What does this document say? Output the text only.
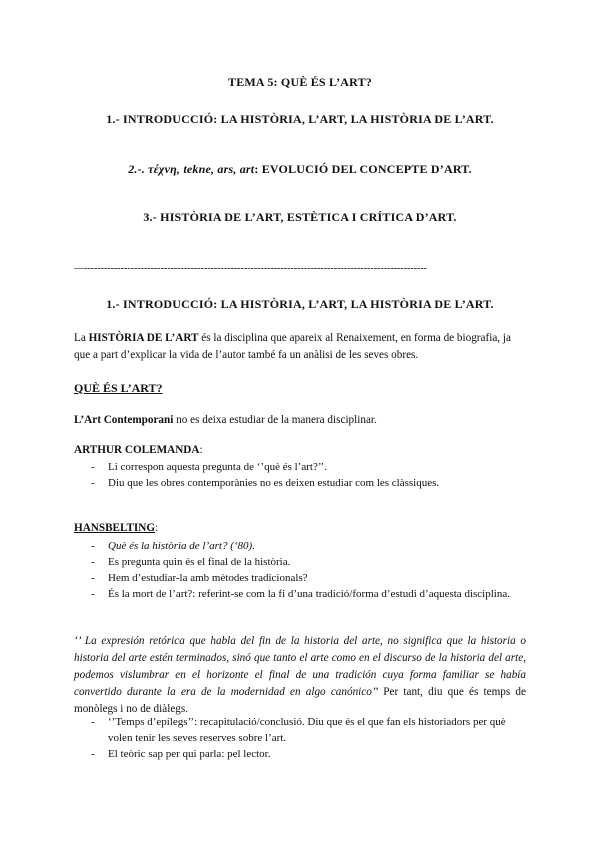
TEMA 5: QUÈ ÉS L’ART?
1.- INTRODUCCIÓ: LA HISTÒRIA, L’ART, LA HISTÒRIA DE L’ART.
2.-. τέχνη, tekne, ars, art: EVOLUCIÓ DEL CONCEPTE D’ART.
3.- HISTÒRIA DE L’ART, ESTÈTICA I CRÍTICA D’ART.
—-------------------------------------------------------------------------------------------------------
1.- INTRODUCCIÓ: LA HISTÒRIA, L’ART, LA HISTÒRIA DE L’ART.
La HISTÒRIA DE L’ART és la disciplina que apareix al Renaixement, en forma de biografia, ja que a part d’explicar la vida de l’autor també fa un anàlisi de les seves obres.
QUÈ ÉS L’ART?
L’Art Contemporani no es deixa estudiar de la manera disciplinar.
ARTHUR COLEMANDA:
- Li correspon aquesta pregunta de ‘’què és l’art?’’.
- Diu que les obres contemporànies no es deixen estudiar com les clàssiques.
HANSBELTING:
- Què és la història de l’art? (‘80).
- Es pregunta quin és el final de la història.
- Hem d’estudiar-la amb mètodes tradicionals?
- És la mort de l’art?: referint-se com la fi d’una tradició/forma d’estudi d’aquesta disciplina.
‘’ La expresión retórica que habla del fin de la historia del arte, no significa que la historia o historia del arte estén terminados, sinó que tanto el arte como en el discurso de la historia del arte, podemos vislumbrar en el horizonte el final de una tradición cuya forma familiar se había convertido durante la era de la modernidad en algo canónico’’ Per tant, diu que és temps de monòlegs i no de diàlegs.
- ‘’Temps d’epílegs’’: recapitulació/conclusió. Diu que és el que fan els historiadors per què volen tenir les seves reserves sobre l’art.
- El teòric sap per qui parla: pel lector.
